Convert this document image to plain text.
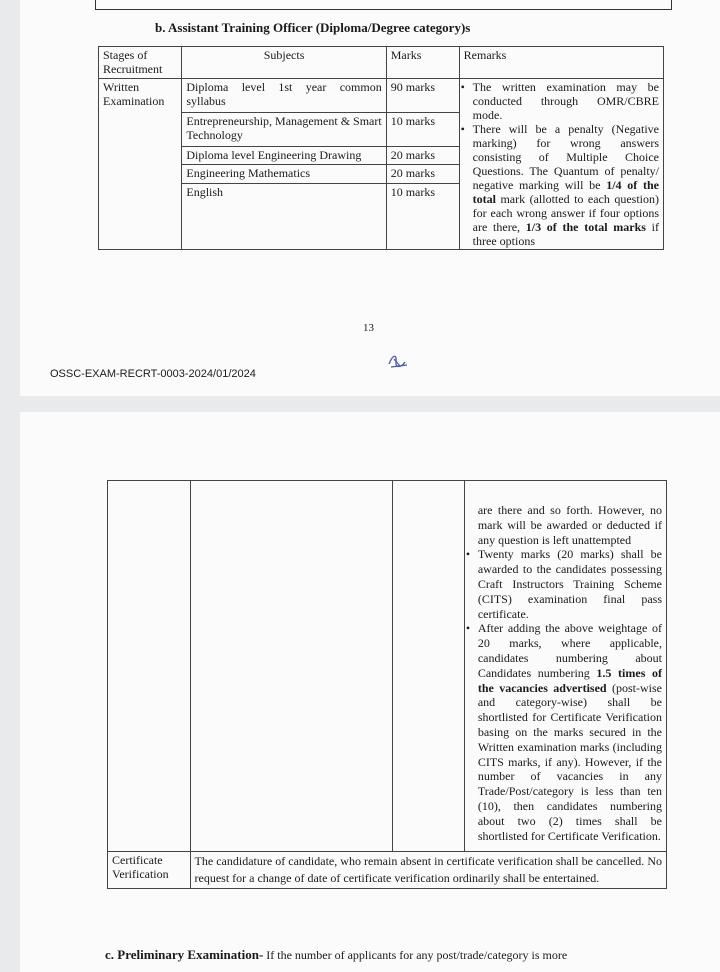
b. Assistant Training Officer (Diploma/Degree category)s
Stages of Recruitment	Subjects	Marks	Remarks
Written Examination	Diploma level 1st year common syllabus	90 marks	• The written examination may be conducted through OMR/CBRE mode.
• There will be a penalty (Negative marking) for wrong answers consisting of Multiple Choice Questions. The Quantum of penalty/ negative marking will be 1/4 of the total mark (allotted to each question) for each wrong answer if four options are there, 1/3 of the total marks if three options

	Entrepreneurship, Management & Smart Technology	10 marks	
	Diploma level Engineering Drawing	20 marks	
	Engineering Mathematics	20 marks	
	English	10 marks	
13
OSSC-EXAM-RECRT-0003-2024/01/2024

			are there and so forth. However, no mark will be awarded or deducted if any question is left unattempted
• Twenty marks (20 marks) shall be awarded to the candidates possessing Craft Instructors Training Scheme (CITS) examination final pass certificate.
• After adding the above weightage of 20 marks, where applicable, candidates numbering about Candidates numbering 1.5 times of the vacancies advertised (post-wise and category-wise) shall be shortlisted for Certificate Verification basing on the marks secured in the Written examination marks (including CITS marks, if any). However, if the number of vacancies in any Trade/Post/category is less than ten (10), then candidates numbering about two (2) times shall be shortlisted for Certificate Verification.

Certificate Verification	The candidature of candidate, who remain absent in certificate verification shall be cancelled. No request for a change of date of certificate verification ordinarily shall be entertained.		
c. Preliminary Examination- If the number of applicants for any post/trade/category is more
